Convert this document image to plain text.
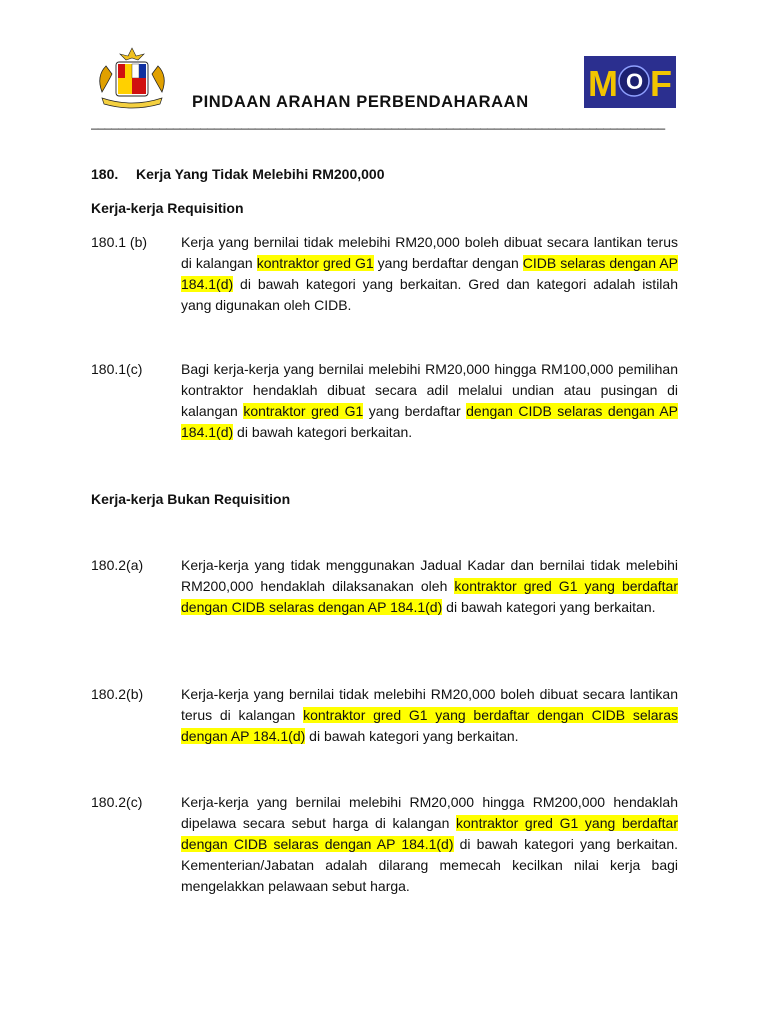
PINDAAN ARAHAN PERBENDAHARAAN M O F
____________________________________________________________________________________
180. Kerja Yang Tidak Melebihi RM200,000
Kerja-kerja Requisition
180.1 (b) Kerja yang bernilai tidak melebihi RM20,000 boleh dibuat secara lantikan terus di kalangan kontraktor gred G1 yang berdaftar dengan CIDB selaras dengan AP 184.1(d) di bawah kategori yang berkaitan. Gred dan kategori adalah istilah yang digunakan oleh CIDB.
180.1(c)	Bagi kerja-kerja yang bernilai melebihi RM20,000 hingga RM100,000 pemilihan kontraktor hendaklah dibuat secara adil melalui undian atau pusingan di kalangan kontraktor gred G1 yang berdaftar dengan CIDB selaras dengan AP 184.1(d) di bawah kategori berkaitan.
Kerja-kerja Bukan Requisition
180.2(a)	Kerja-kerja yang tidak menggunakan Jadual Kadar dan bernilai tidak melebihi RM200,000 hendaklah dilaksanakan oleh kontraktor gred G1 yang berdaftar dengan CIDB selaras dengan AP 184.1(d) di bawah kategori yang berkaitan.
180.2(b)	Kerja-kerja yang bernilai tidak melebihi RM20,000 boleh dibuat secara lantikan terus di kalangan kontraktor gred G1 yang berdaftar dengan CIDB selaras dengan AP 184.1(d) di bawah kategori yang berkaitan.
180.2(c)	Kerja-kerja yang bernilai melebihi RM20,000 hingga RM200,000 hendaklah dipelawa secara sebut harga di kalangan kontraktor gred G1 yang berdaftar dengan CIDB selaras dengan AP 184.1(d) di bawah kategori yang berkaitan. Kementerian/Jabatan adalah dilarang memecah kecilkan nilai kerja bagi mengelakkan pelawaan sebut harga.
